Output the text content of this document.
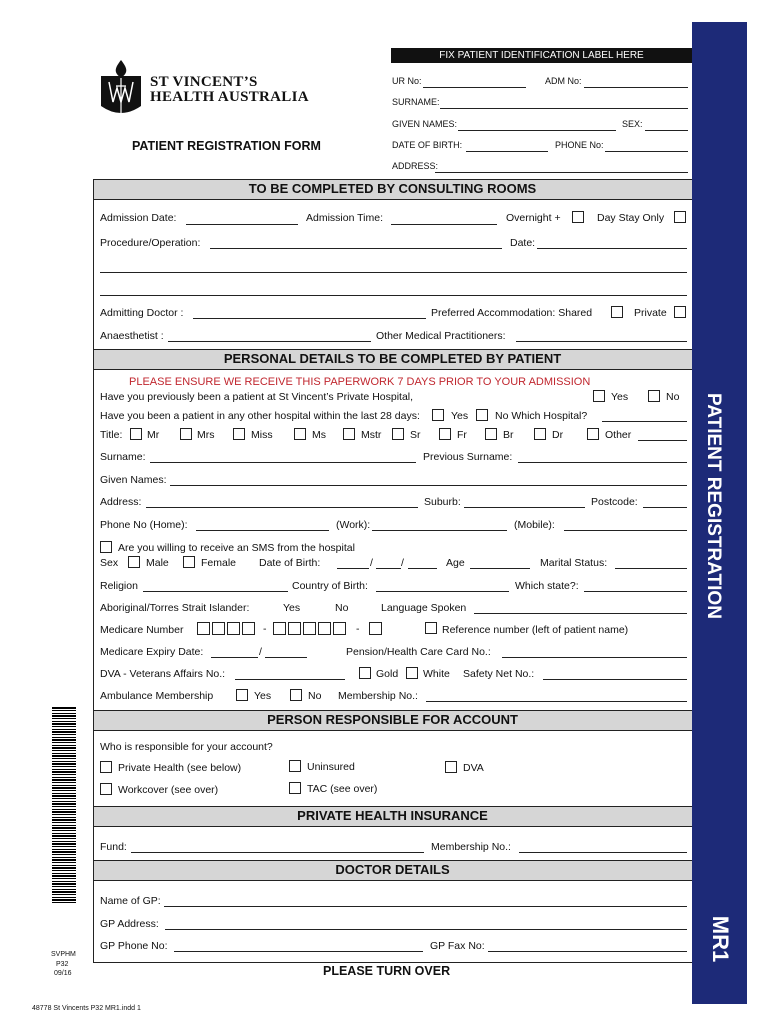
PATIENT REGISTRATION
MR1
ST VINCENT’S
HEALTH AUSTRALIA
PATIENT REGISTRATION FORM
FIX PATIENT IDENTIFICATION LABEL HERE
UR No:	ADM No:
SURNAME:
GIVEN NAMES:	SEX:
DATE OF BIRTH:	PHONE No:
ADDRESS:
TO BE COMPLETED BY CONSULTING ROOMS
Admission Date:	Admission Time:	Overnight +	Day Stay Only
Procedure/Operation:	Date:
Admitting Doctor :	Preferred Accommodation: Shared	Private
Anaesthetist :	Other Medical Practitioners:
PERSONAL DETAILS TO BE COMPLETED BY PATIENT
PLEASE ENSURE WE RECEIVE THIS PAPERWORK 7 DAYS PRIOR TO YOUR ADMISSION
Have you previously been a patient at St Vincent’s Private Hospital,	Yes	No
Have you been a patient in any other hospital within the last 28 days:	Yes	No Which Hospital?
Title: Mr	Mrs	Miss	Ms	Mstr	Sr	Fr	Br	Dr	Other
Surname:	Previous Surname:
Given Names:
Address:	Suburb:	Postcode:
Phone No (Home):	(Work):	(Mobile):
Are you willing to receive an SMS from the hospital
Sex	Male	Female Date of Birth:	/	/	Age	Marital Status:
Religion	Country of Birth:	Which state?:
Aboriginal/Torres Strait Islander:	Yes	No	Language Spoken
Medicare Number	-	-	Reference number (left of patient name)
Medicare Expiry Date:	/	Pension/Health Care Card No.:
DVA - Veterans Affairs No.:	Gold White Safety Net No.:
Ambulance Membership	Yes	No Membership No.:
PERSON RESPONSIBLE FOR ACCOUNT
Who is responsible for your account?
Private Health (see below)	Uninsured	DVA
Workcover (see over)	TAC (see over)
PRIVATE HEALTH INSURANCE
Fund:	Membership No.:
DOCTOR DETAILS
Name of GP:
GP Address:
GP Phone No:	GP Fax No:
SVPHM
P32
09/16	PLEASE TURN OVER
48778 St Vincents P32 MR1.indd 1
